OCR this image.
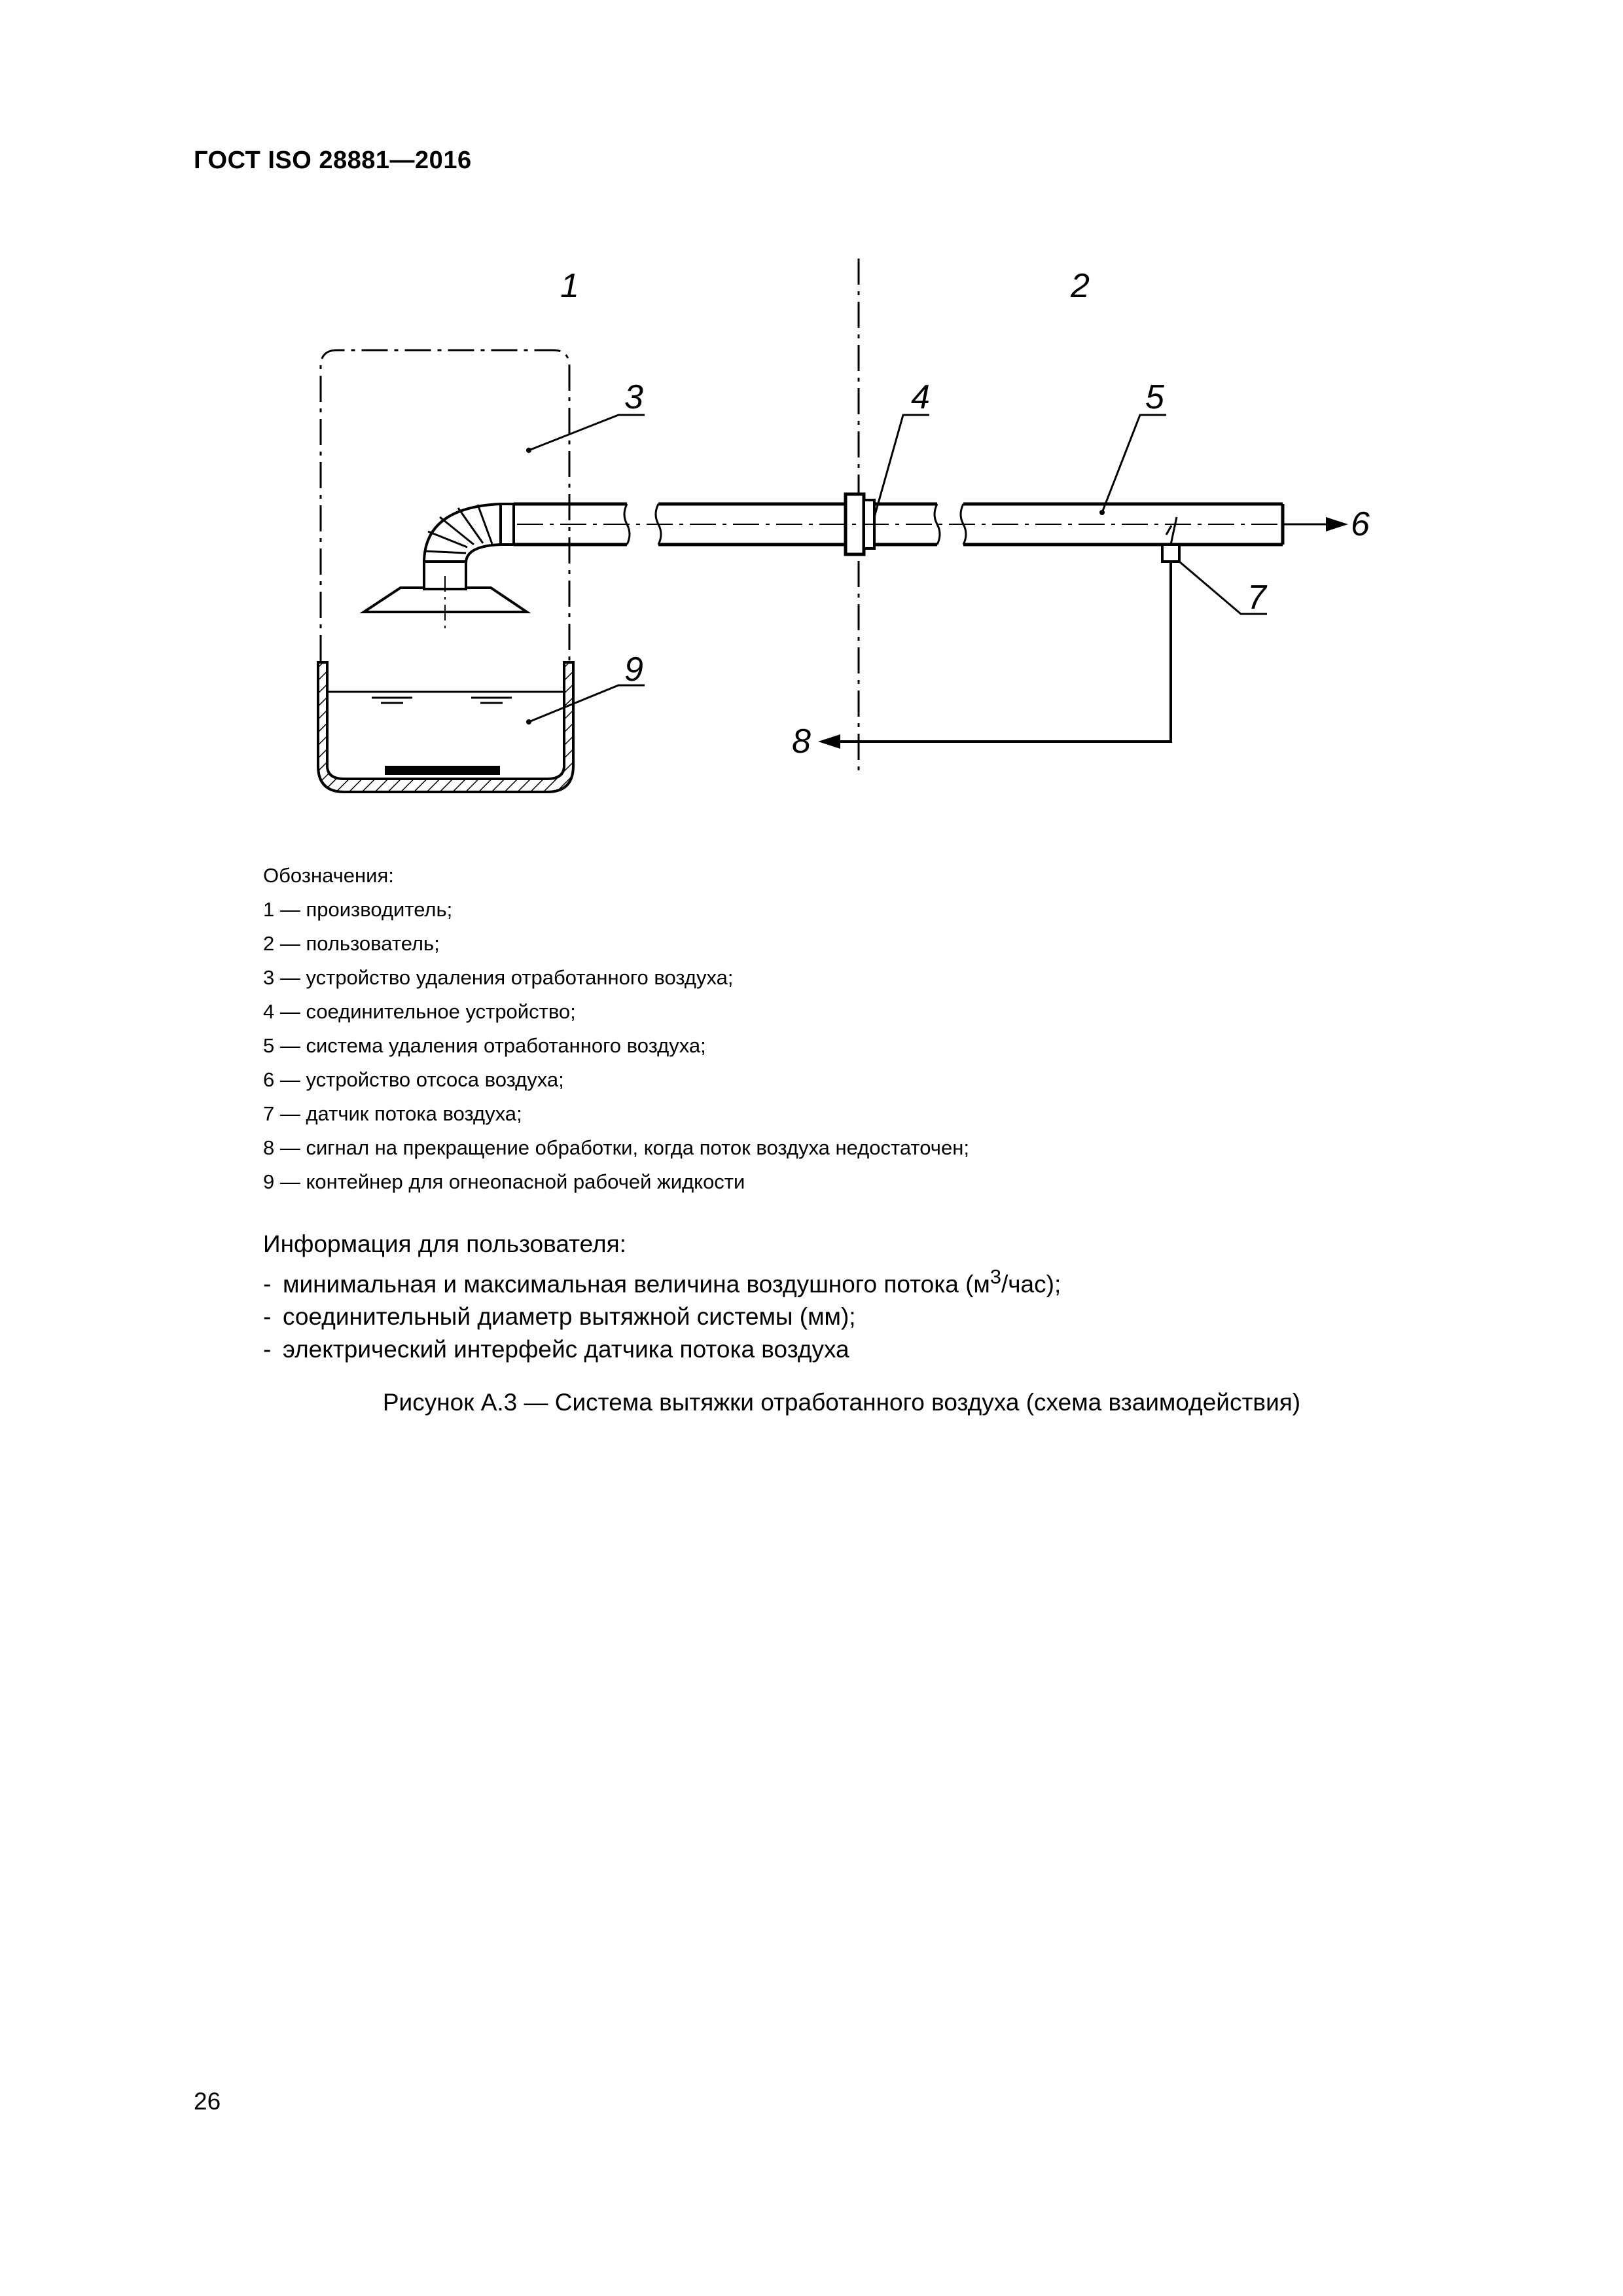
ГОСТ ISO 28881—2016
1	2
3	4	5
6
7
8
9
Обозначения:
1 — производитель;
2 — пользователь;
3 — устройство удаления отработанного воздуха;
4 — соединительное устройство;
5 — система удаления отработанного воздуха;
6 — устройство отсоса воздуха;
7 — датчик потока воздуха;
8 — сигнал на прекращение обработки, когда поток воздуха недостаточен;
9 — контейнер для огнеопасной рабочей жидкости
Информация для пользователя:
- минимальная и максимальная величина воздушного потока $(м^3/час)$;
- соединительный диаметр вытяжной системы (мм);
- электрический интерфейс датчика потока воздуха
Рисунок А.3 — Система вытяжки отработанного воздуха (схема взаимодействия)
26
